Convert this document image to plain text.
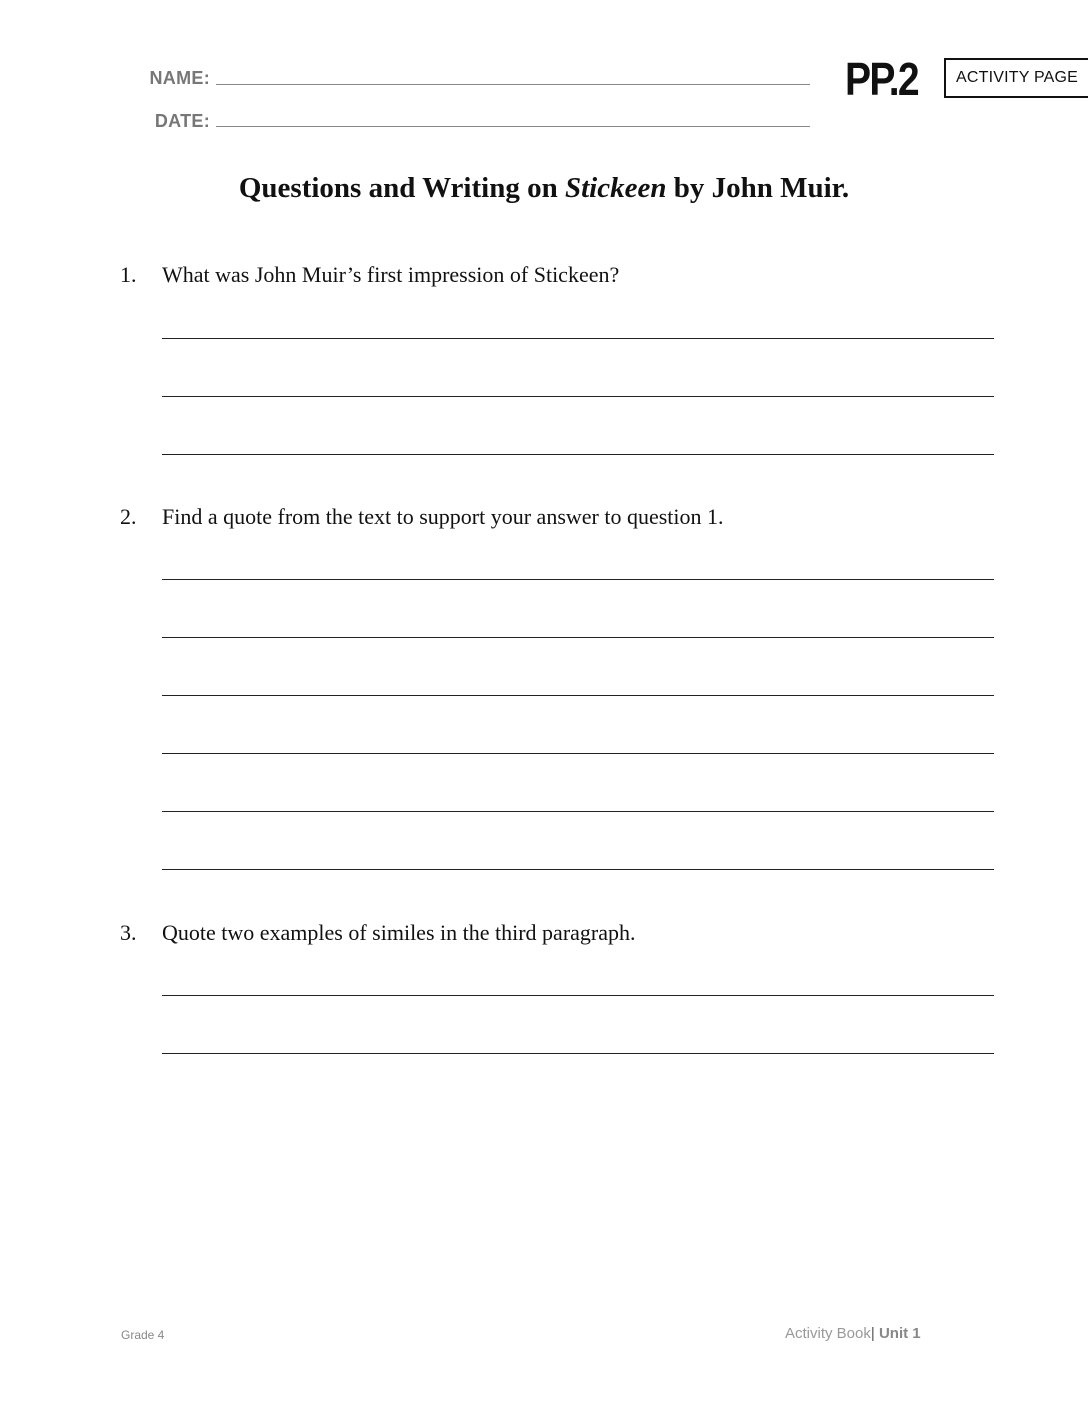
NAME:
DATE:
PP.2	ACTIVITY PAGE
Questions and Writing on Stickeen by John Muir.
1.	What was John Muir’s first impression of Stickeen?
2.	Find a quote from the text to support your answer to question 1.
3.	Quote two examples of similes in the third paragraph.
Grade 4	Activity Book| Unit 1
